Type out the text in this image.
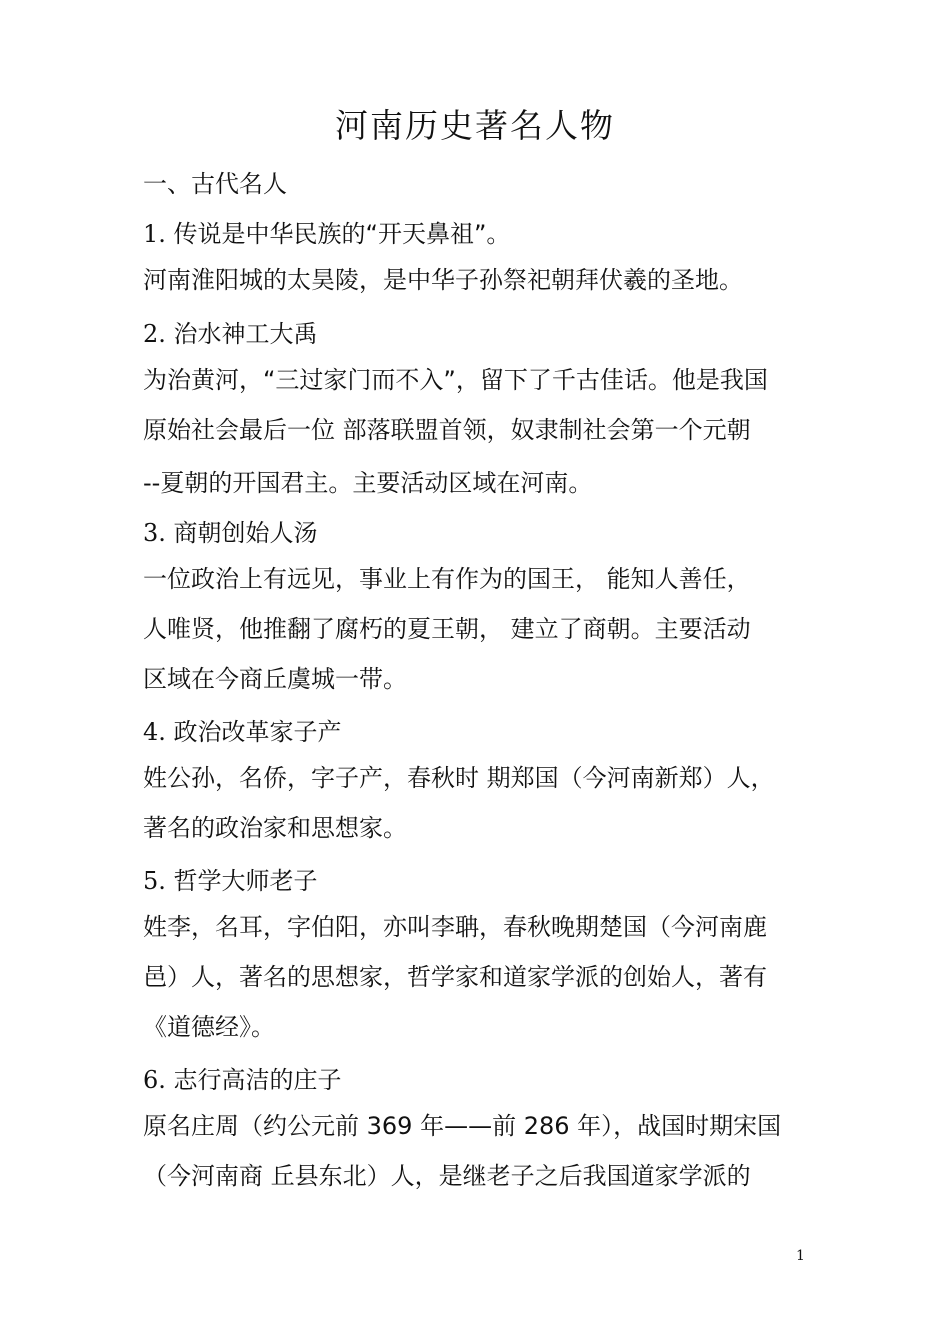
河南历史著名人物
一、古代名人
1. 传说是中华民族的“开天鼻祖”。
河南淮阳城的太昊陵，是中华子孙祭祀朝拜伏羲的圣地。
2. 治水神工大禹
为治黄河，“三过家门而不入”，留下了千古佳话。他是我国
原始社会最后一位 部落联盟首领，奴隶制社会第一个元朝
--夏朝的开国君主。主要活动区域在河南。
3. 商朝创始人汤
一位政治上有远见，事业上有作为的国王， 能知人善任，
人唯贤，他推翻了腐朽的夏王朝， 建立了商朝。主要活动
区域在今商丘虞城一带。
4. 政治改革家子产
姓公孙，名侨，字子产，春秋时 期郑国（今河南新郑）人，
著名的政治家和思想家。
5. 哲学大师老子
姓李，名耳，字伯阳，亦叫李聃，春秋晚期楚国（今河南鹿
邑）人，著名的思想家，哲学家和道家学派的创始人，著有
《道德经》。
6. 志行高洁的庄子
原名庄周（约公元前 369 年——前 286 年），战国时期宋国
（今河南商 丘县东北）人，是继老子之后我国道家学派的
1
